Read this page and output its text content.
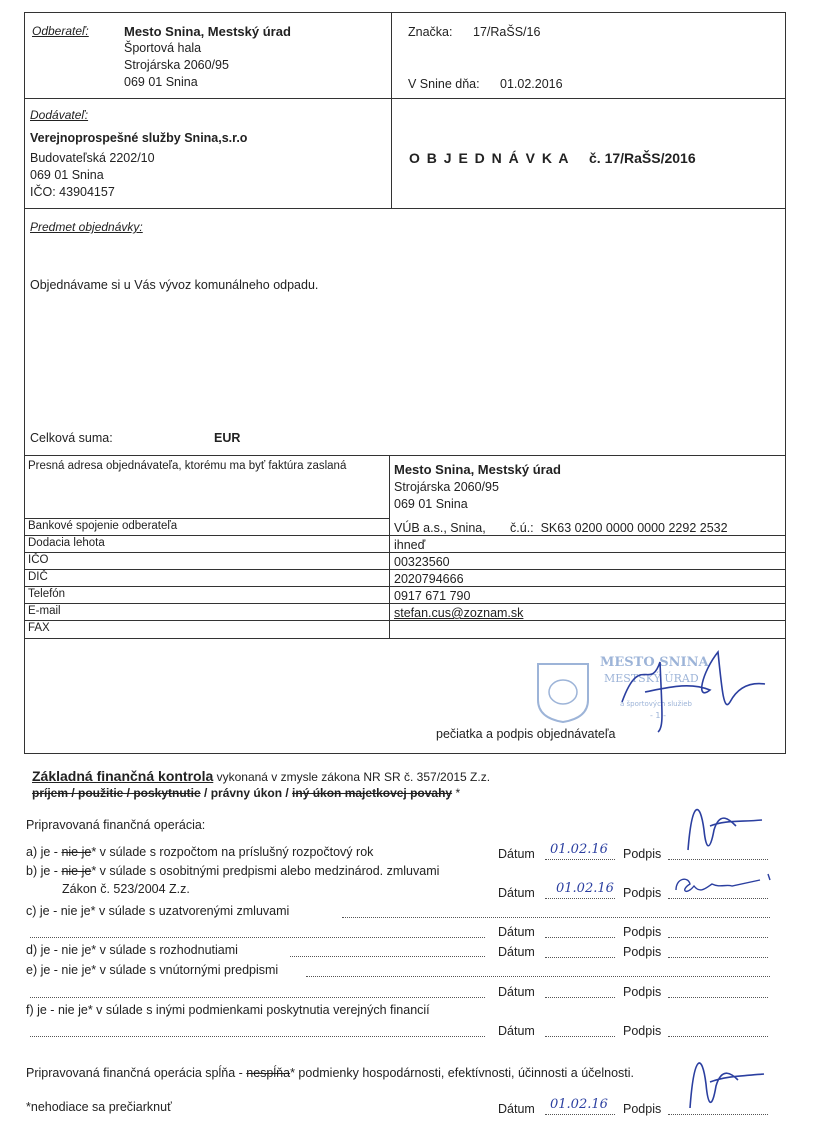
Odberateľ:	Mesto Snina, Mestský úrad
Športová hala
Strojárska 2060/95
069 01 Snina
Značka: 17/RaŠS/16
V Snine dňa: 01.02.2016
Dodávateľ:
Verejnoprospešné služby Snina,s.r.o
Budovateľská 2202/10
069 01 Snina
IČO: 43904157
O B J E D N Á V K A č. 17/RaŠS/2016
Predmet objednávky:
Objednávame si u Vás vývoz komunálneho odpadu.
Celková suma:	EUR
Presná adresa objednávateľa, ktorému ma byť faktúra zaslaná	Mesto Snina, Mestský úrad
Strojárska 2060/95
069 01 Snina
Bankové spojenie odberateľa	VÚB a.s., Snina,       č.ú.:  SK63 0200 0000 0000 2292 2532
Dodacia lehota	ihneď
IČO	00323560
DIČ	2020794666
Telefón	0917 671 790
E-mail	stefan.cus@zoznam.sk
FAX
MESTO SNINA
MESTSKÝ ÚRAD
a športových služieb
- 1 -
pečiatka a podpis objednávateľa
Základná finančná kontrola vykonaná v zmysle zákona NR SR č. 357/2015 Z.z.
príjem / použitie / poskytnutie / právny úkon / iný úkon majetkovej povahy *
Pripravovaná finančná operácia:
a) je - nie je* v súlade s rozpočtom na príslušný rozpočtový rok	Dátum 01.02.16 Podpis
b) je - nie je* v súlade s osobitnými predpismi alebo medzinárod. zmluvami
Zákon č. 523/2004 Z.z.	Dátum 01.02.16 Podpis
c) je - nie je* v súlade s uzatvorenými zmluvami
Dátum	Podpis
d) je - nie je* v súlade s rozhodnutiami	Dátum	Podpis
e) je - nie je* v súlade s vnútornými predpismi
Dátum	Podpis
f) je - nie je* v súlade s inými podmienkami poskytnutia verejných financií
Dátum	Podpis
Pripravovaná finančná operácia spĺňa - nespĺňa* podmienky hospodárnosti, efektívnosti, účinnosti a účelnosti.
*nehodiace sa prečiarknuť	Dátum 01.02.16 Podpis
